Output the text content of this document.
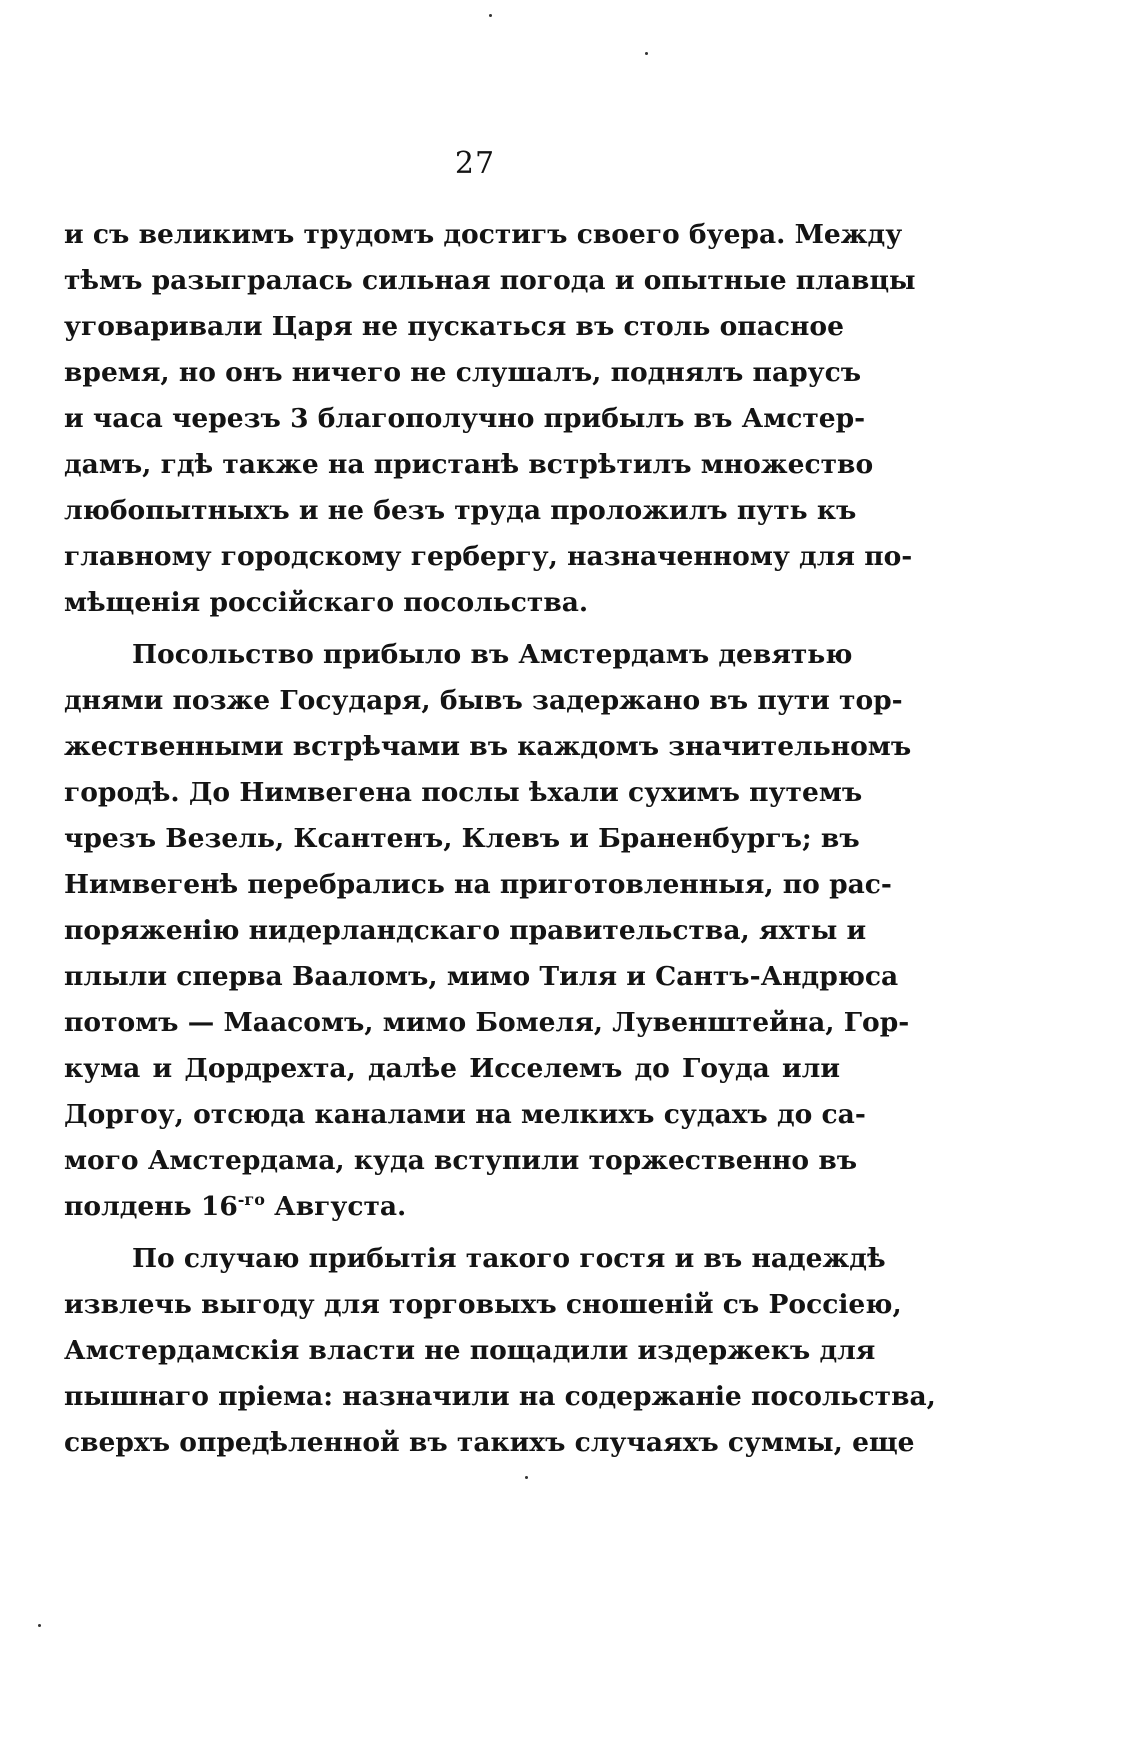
27
и съ великимъ трудомъ достигъ своего буера. Между
тѣмъ разыгралась сильная погода и опытные плавцы
уговаривали Царя не пускаться въ столь опасное
время, но онъ ничего не слушалъ, поднялъ парусъ
и часа черезъ 3 благополучно прибылъ въ Амстер-
дамъ, гдѣ также на пристанѣ встрѣтилъ множество
любопытныхъ и не безъ труда проложилъ путь къ
главному городскому гербергу, назначенному для по-
мѣщенія россійскаго посольства.
Посольство прибыло въ Амстердамъ девятью
днями позже Государя, бывъ задержано въ пути тор-
жественными встрѣчами въ каждомъ значительномъ
городѣ. До Нимвегена послы ѣхали сухимъ путемъ
чрезъ Везель, Ксантенъ, Клевъ и Браненбургъ; въ
Нимвегенѣ перебрались на приготовленныя, по рас-
поряженію нидерландскаго правительства, яхты и
плыли сперва Вааломъ, мимо Тиля и Сантъ-Андрюса
потомъ — Маасомъ, мимо Бомеля, Лувенштейна, Гор-
кума и Дордрехта, далѣе Исселемъ до Гоуда или
Доргоу, отсюда каналами на мелкихъ судахъ до са-
мого Амстердама, куда вступили торжественно въ
полдень $16^{-го}$ Августа.
По случаю прибытія такого гостя и въ надеждѣ
извлечь выгоду для торговыхъ сношеній съ Россіею,
Амстердамскія власти не пощадили издержекъ для
пышнаго пріема: назначили на содержаніе посольства,
сверхъ опредѣленной въ такихъ случаяхъ суммы, еще
